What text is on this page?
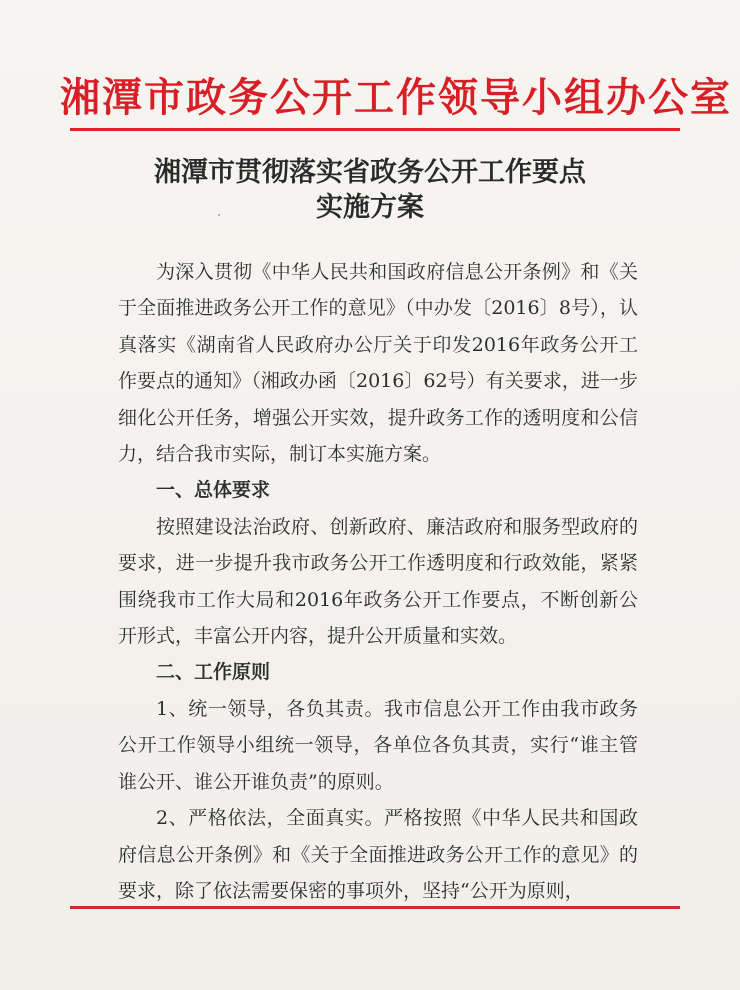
湘潭市政务公开工作领导小组办公室
湘潭市贯彻落实省政务公开工作要点
实施方案

为深入贯彻《中华人民共和国政府信息公开条例》和《关于全面推进政务公开工作的意见》（中办发〔2016〕8号），认真落实《湖南省人民政府办公厅关于印发2016年政务公开工作要点的通知》（湘政办函〔2016〕62号）有关要求，进一步细化公开任务，增强公开实效，提升政务工作的透明度和公信力，结合我市实际，制订本实施方案。

一、总体要求

按照建设法治政府、创新政府、廉洁政府和服务型政府的要求，进一步提升我市政务公开工作透明度和行政效能，紧紧围绕我市工作大局和2016年政务公开工作要点，不断创新公开形式，丰富公开内容，提升公开质量和实效。

二、工作原则

1、统一领导，各负其责。我市信息公开工作由我市政务公开工作领导小组统一领导，各单位各负其责，实行“谁主管谁公开、谁公开谁负责”的原则。

2、严格依法，全面真实。严格按照《中华人民共和国政府信息公开条例》和《关于全面推进政务公开工作的意见》的要求，除了依法需要保密的事项外，坚持“公开为原则，
